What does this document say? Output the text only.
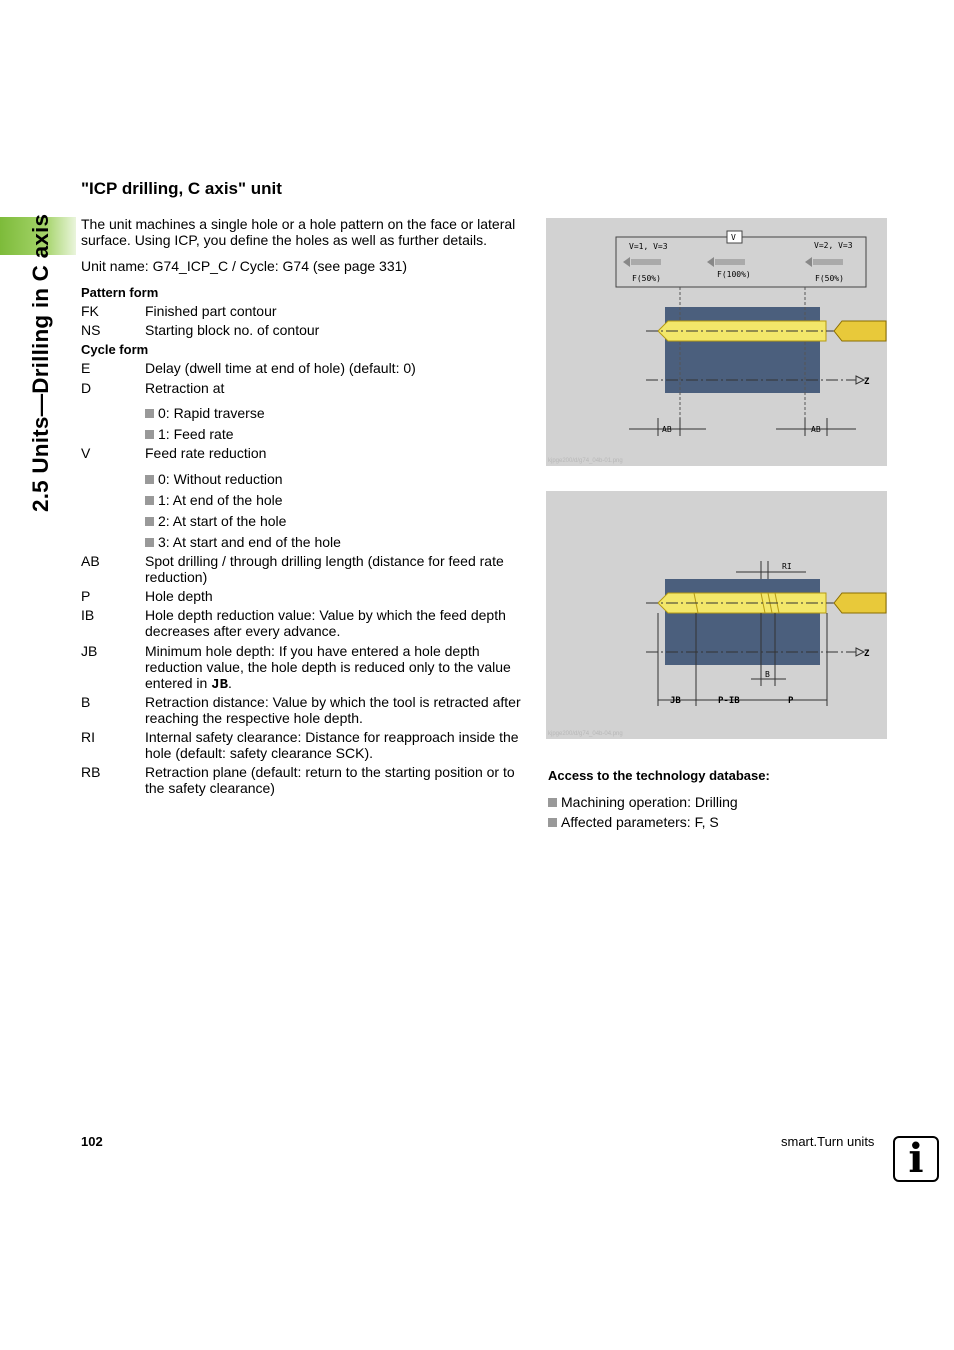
2.5 Units—Drilling in C axis
"ICP drilling, C axis" unit

The unit machines a single hole or a hole pattern on the face or lateral surface. Using ICP, you define the holes as well as further details.

Unit name: G74_ICP_C / Cycle: G74 (see page 331)

Pattern form
FK	Finished part contour
NS	Starting block no. of contour
Cycle form
E	Delay (dwell time at end of hole) (default: 0)
D	Retraction at
0: Rapid traverse
1: Feed rate
V	Feed rate reduction
0: Without reduction
1: At end of the hole
2: At start of the hole
3: At start and end of the hole
AB	Spot drilling / through drilling length (distance for feed rate reduction)
P	Hole depth
IB	Hole depth reduction value: Value by which the feed depth decreases after every advance.
JB	Minimum hole depth: If you have entered a hole depth reduction value, the hole depth is reduced only to the value entered in JB.
B	Retraction distance: Value by which the tool is retracted after reaching the respective hole depth.
RI	Internal safety clearance: Distance for reapproach inside the hole (default: safety clearance SCK).
RB	Retraction plane (default: return to the starting position or to the safety clearance)
V
V=1, V=3	V=2, V=3
F(50%)	F(100%)	F(50%)
Z
AB	AB
kjpge200/d/g74_04b-01.png
RI
Z
B
JB	P-IB	P
kjpge200/d/g74_04b-04.png
Access to the technology database:
Machining operation: Drilling
Affected parameters: F, S
102	smart.Turn units i
